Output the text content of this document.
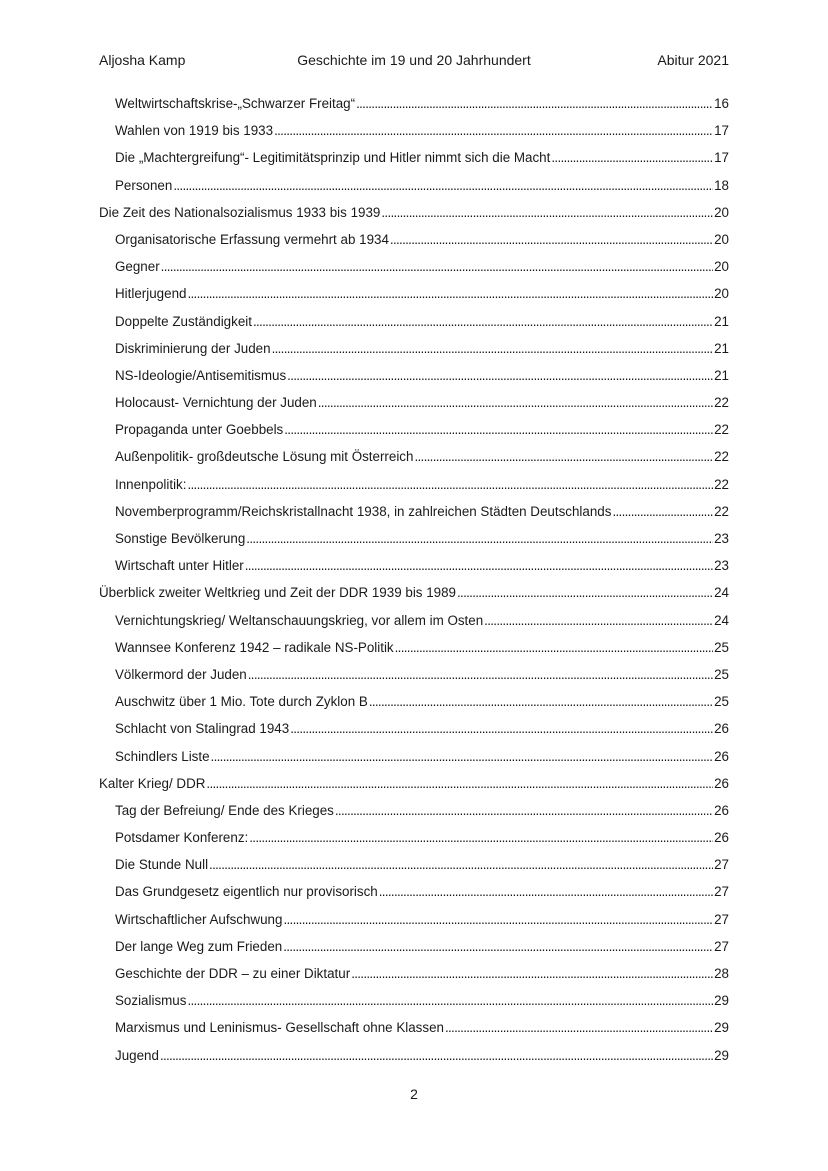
Aljosha Kamp	Geschichte im 19 und 20 Jahrhundert	Abitur 2021
Weltwirtschaftskrise-„Schwarzer Freitag“ . . .	16
Wahlen von 1919 bis 1933 . . .	17
Die „Machtergreifung“- Legitimitätsprinzip und Hitler nimmt sich die Macht . . .	17
Personen . . .	18
Die Zeit des Nationalsozialismus 1933 bis 1939 . . .	20
Organisatorische Erfassung vermehrt ab 1934 . . .	20
Gegner . . .	20
Hitlerjugend . . .	20
Doppelte Zuständigkeit . . .	21
Diskriminierung der Juden . . .	21
NS-Ideologie/Antisemitismus . . .	21
Holocaust- Vernichtung der Juden . . .	22
Propaganda unter Goebbels . . .	22
Außenpolitik- großdeutsche Lösung mit Österreich . . .	22
Innenpolitik: . . .	22
Novemberprogramm/Reichskristallnacht 1938, in zahlreichen Städten Deutschlands . . .	22
Sonstige Bevölkerung . . .	23
Wirtschaft unter Hitler . . .	23
Überblick zweiter Weltkrieg und Zeit der DDR 1939 bis 1989 . . .	24
Vernichtungskrieg/ Weltanschauungskrieg, vor allem im Osten . . .	24
Wannsee Konferenz 1942 – radikale NS-Politik . . .	25
Völkermord der Juden . . .	25
Auschwitz über 1 Mio. Tote durch Zyklon B . . .	25
Schlacht von Stalingrad 1943 . . .	26
Schindlers Liste . . .	26
Kalter Krieg/ DDR . . .	26
Tag der Befreiung/ Ende des Krieges . . .	26
Potsdamer Konferenz: . . .	26
Die Stunde Null . . .	27
Das Grundgesetz eigentlich nur provisorisch . . .	27
Wirtschaftlicher Aufschwung . . .	27
Der lange Weg zum Frieden . . .	27
Geschichte der DDR – zu einer Diktatur . . .	28
Sozialismus . . .	29
Marxismus und Leninismus- Gesellschaft ohne Klassen . . .	29
Jugend . . .	29
2
